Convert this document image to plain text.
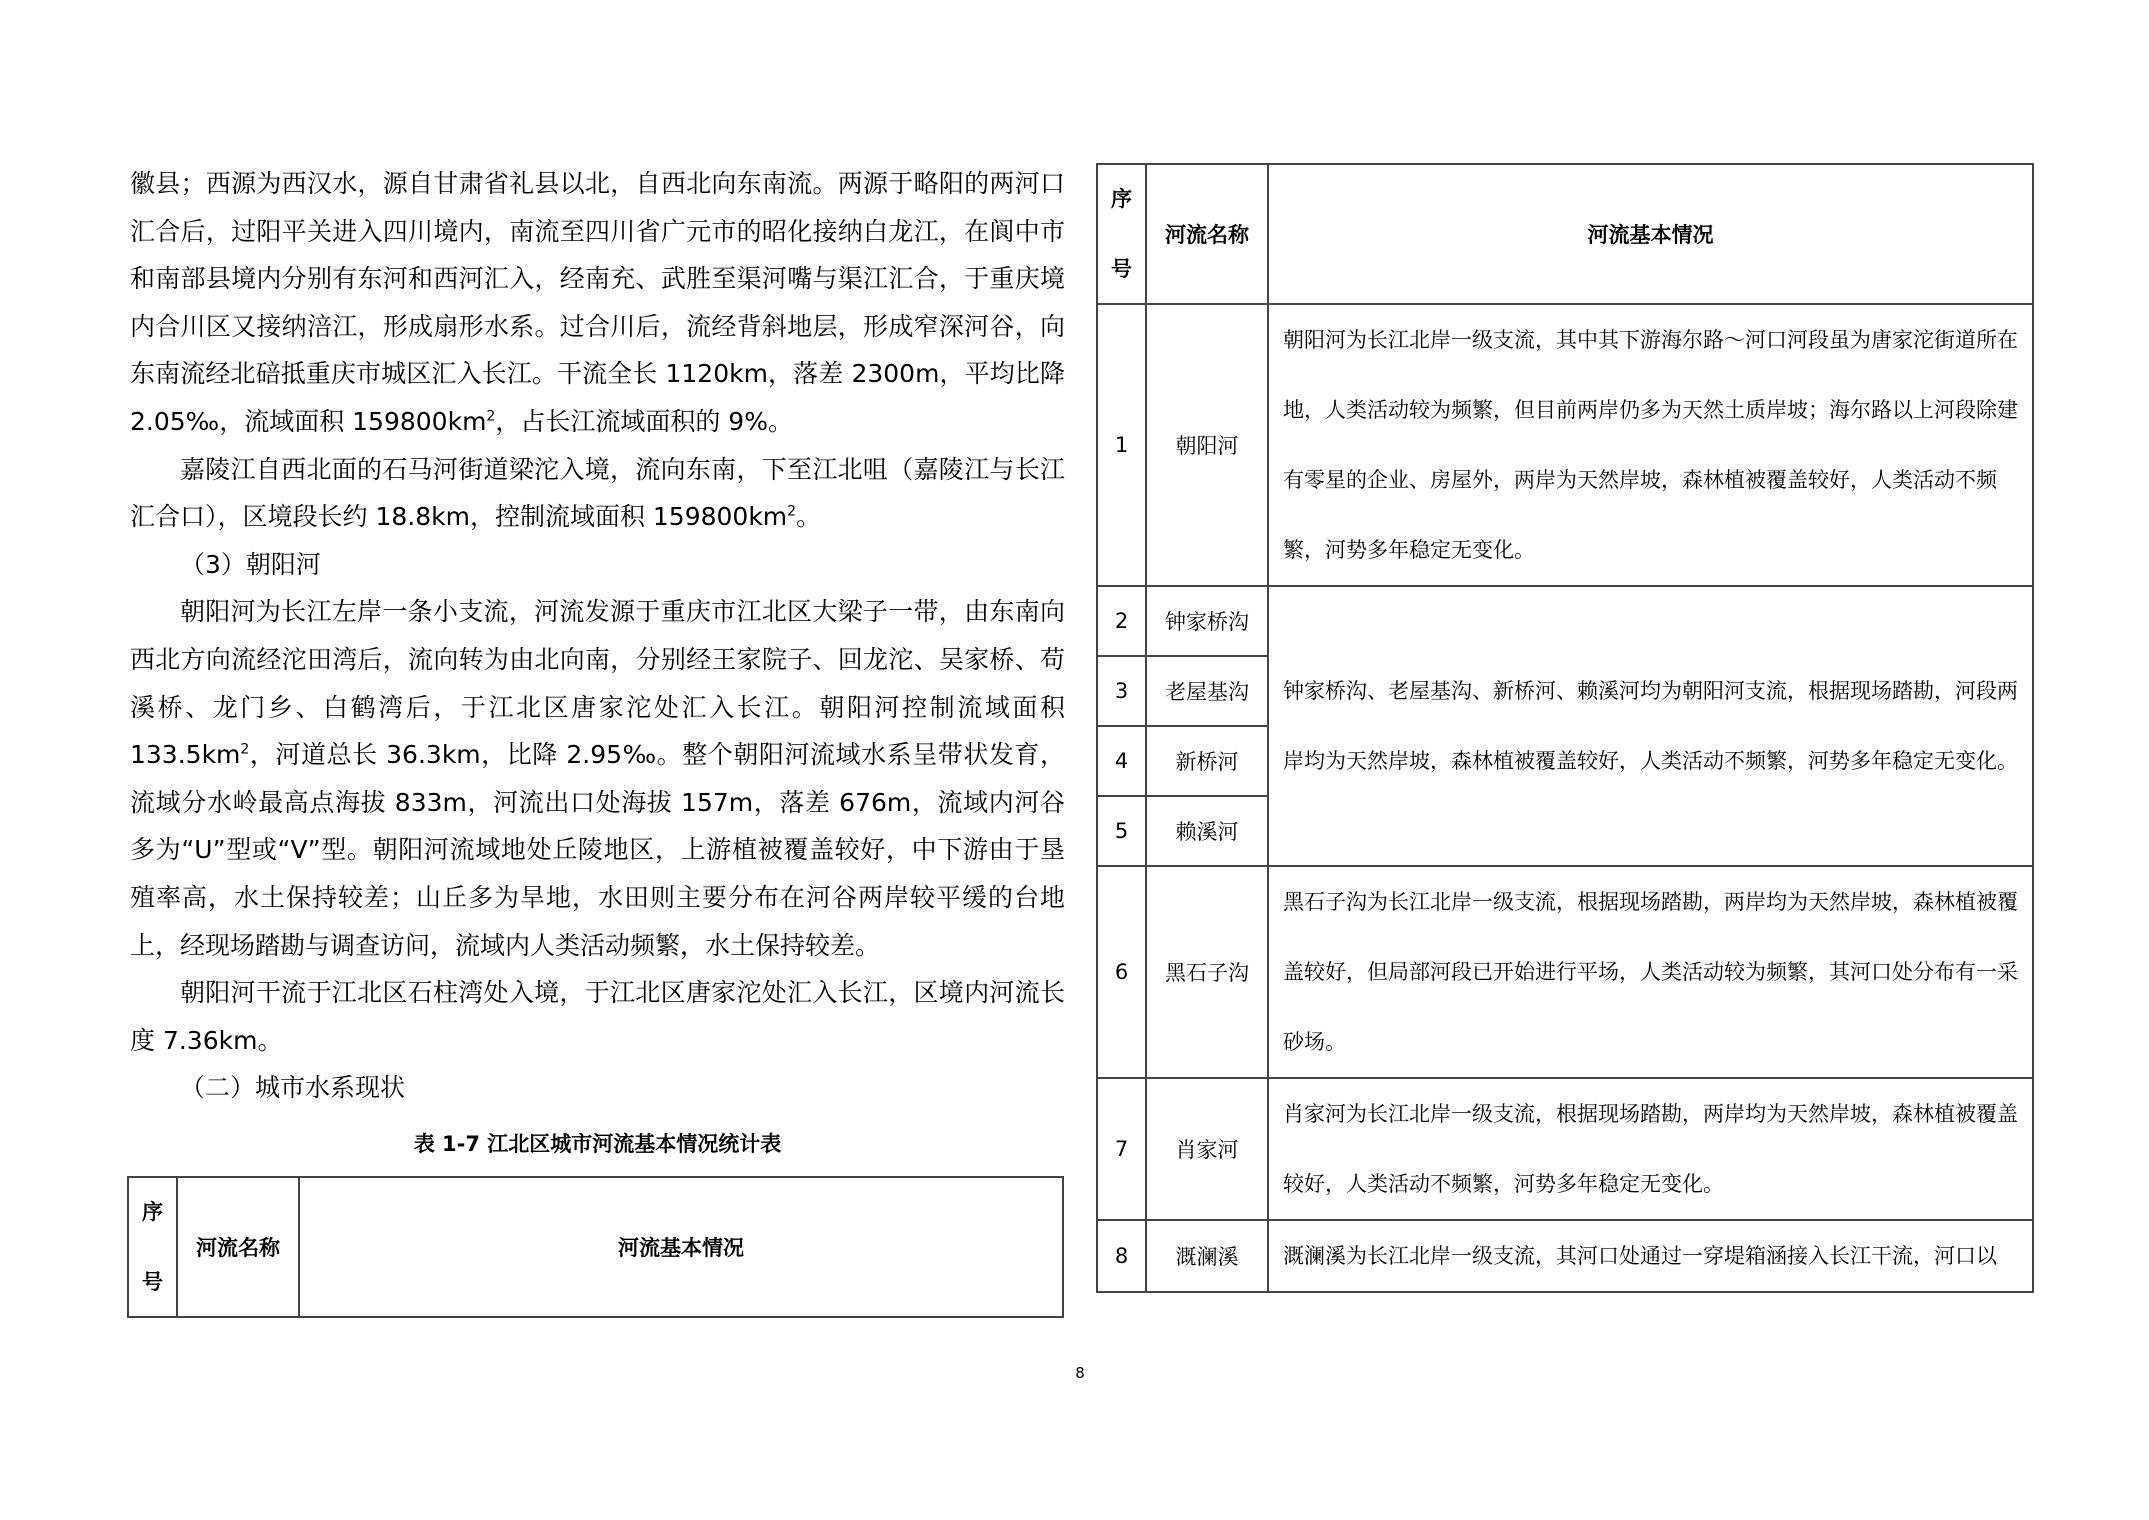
徽县；西源为西汉水，源自甘肃省礼县以北，自西北向东南流。两源于略阳的两河口汇合后，过阳平关进入四川境内，南流至四川省广元市的昭化接纳白龙江，在阆中市和南部县境内分别有东河和西河汇入，经南充、武胜至渠河嘴与渠江汇合，于重庆境内合川区又接纳涪江，形成扇形水系。过合川后，流经背斜地层，形成窄深河谷，向东南流经北碚抵重庆市城区汇入长江。干流全长 1120km，落差 2300m，平均比降 2.05‰，流域面积 $159800km^2$，占长江流域面积的 9%。

嘉陵江自西北面的石马河街道梁沱入境，流向东南，下至江北咀（嘉陵江与长江汇合口），区境段长约 18.8km，控制流域面积 $159800km^2$。

（3）朝阳河

朝阳河为长江左岸一条小支流，河流发源于重庆市江北区大梁子一带，由东南向西北方向流经沱田湾后，流向转为由北向南，分别经王家院子、回龙沱、吴家桥、苟溪桥、龙门乡、白鹤湾后，于江北区唐家沱处汇入长江。朝阳河控制流域面积 $133.5km^2$，河道总长 36.3km，比降 2.95‰。整个朝阳河流域水系呈带状发育，流域分水岭最高点海拔 833m，河流出口处海拔 157m，落差 676m，流域内河谷多为“U”型或“V”型。朝阳河流域地处丘陵地区，上游植被覆盖较好，中下游由于垦殖率高，水土保持较差；山丘多为旱地，水田则主要分布在河谷两岸较平缓的台地上，经现场踏勘与调查访问，流域内人类活动频繁，水土保持较差。

朝阳河干流于江北区石柱湾处入境，于江北区唐家沱处汇入长江，区境内河流长度 7.36km。

（二）城市水系现状

表 1-7 江北区城市河流基本情况统计表
序

号	河流名称	河流基本情况
序

号	河流名称	河流基本情况
1	朝阳河	朝阳河为长江北岸一级支流，其中其下游海尔路～河口河段虽为唐家沱街道所在地，人类活动较为频繁，但目前两岸仍多为天然土质岸坡；海尔路以上河段除建有零星的企业、房屋外，两岸为天然岸坡，森林植被覆盖较好，人类活动不频繁，河势多年稳定无变化。
2	钟家桥沟	钟家桥沟、老屋基沟、新桥河、赖溪河均为朝阳河支流，根据现场踏勘，河段两岸均为天然岸坡，森林植被覆盖较好，人类活动不频繁，河势多年稳定无变化。
3	老屋基沟	
4	新桥河	
5	赖溪河	
6	黑石子沟	黑石子沟为长江北岸一级支流，根据现场踏勘，两岸均为天然岸坡，森林植被覆盖较好，但局部河段已开始进行平场，人类活动较为频繁，其河口处分布有一采砂场。
7	肖家河	肖家河为长江北岸一级支流，根据现场踏勘，两岸均为天然岸坡，森林植被覆盖较好，人类活动不频繁，河势多年稳定无变化。
8	溉澜溪	溉澜溪为长江北岸一级支流，其河口处通过一穿堤箱涵接入长江干流，河口以
8
